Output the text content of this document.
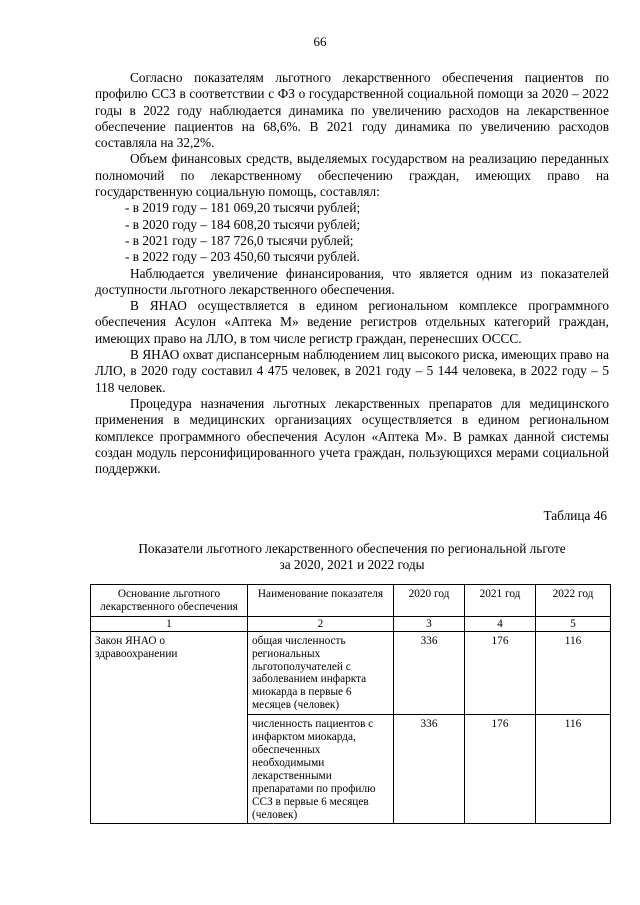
66

Согласно показателям льготного лекарственного обеспечения пациентов по профилю ССЗ в соответствии с ФЗ о государственной социальной помощи за 2020 – 2022 годы в 2022 году наблюдается динамика по увеличению расходов на лекарственное обеспечение пациентов на 68,6%. В 2021 году динамика по увеличению расходов составляла на 32,2%.

Объем финансовых средств, выделяемых государством на реализацию переданных полномочий по лекарственному обеспечению граждан, имеющих право на государственную социальную помощь, составлял:

- в 2019 году – 181 069,20 тысячи рублей;
- в 2020 году – 184 608,20 тысячи рублей;
- в 2021 году – 187 726,0 тысячи рублей;
- в 2022 году – 203 450,60 тысячи рублей.

Наблюдается увеличение финансирования, что является одним из показателей доступности льготного лекарственного обеспечения.

В ЯНАО осуществляется в едином региональном комплексе программного обеспечения Асулон «Аптека М» ведение регистров отдельных категорий граждан, имеющих право на ЛЛО, в том числе регистр граждан, перенесших ОССС.

В ЯНАО охват диспансерным наблюдением лиц высокого риска, имеющих право на ЛЛО, в 2020 году составил 4 475 человек, в 2021 году – 5 144 человека, в 2022 году – 5 118 человек.

Процедура назначения льготных лекарственных препаратов для медицинского применения в медицинских организациях осуществляется в едином региональном комплексе программного обеспечения Асулон «Аптека М». В рамках данной системы создан модуль персонифицированного учета граждан, пользующихся мерами социальной поддержки.

Таблица 46
Показатели льготного лекарственного обеспечения по региональной льготе
за 2020, 2021 и 2022 годы
Основание льготного лекарственного обеспечения	Наименование показателя	2020 год	2021 год	2022 год
1	2	3	4	5
Закон ЯНАО о здравоохранении	общая численность региональных льготополучателей с заболеванием инфаркта миокарда в первые 6 месяцев (человек)	336	176	116
	численность пациентов с инфарктом миокарда, обеспеченных необходимыми лекарственными препаратами по профилю ССЗ в первые 6 месяцев (человек)	336	176	116
